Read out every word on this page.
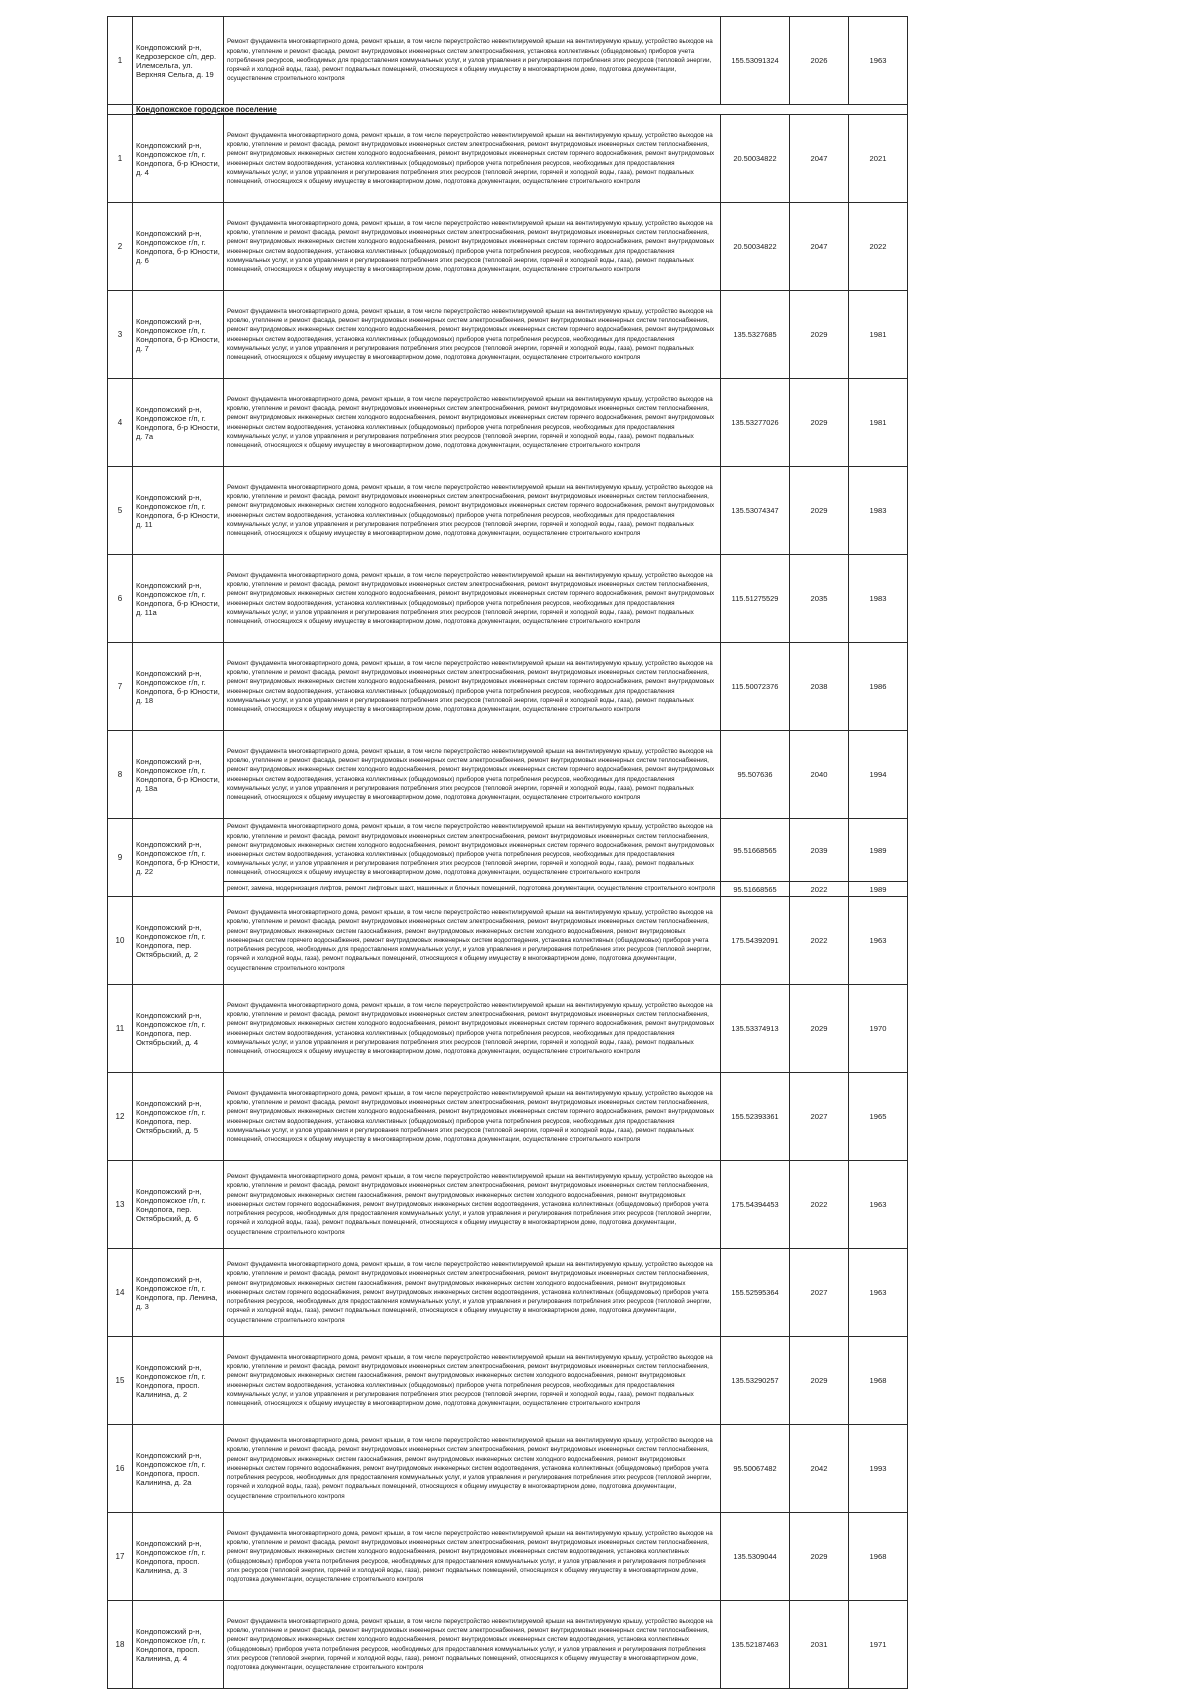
1	Кондопожский р-н, Кедрозерское с/п, дер. Илемсельга, ул. Верхняя Сельга, д. 19	Ремонт фундамента многоквартирного дома, ремонт крыши, в том числе переустройство невентилируемой крыши на вентилируемую крышу, устройство выходов на кровлю, утепление и ремонт фасада, ремонт внутридомовых инженерных систем электроснабжения, установка коллективных (общедомовых) приборов учета потребления ресурсов, необходимых для предоставления коммунальных услуг, и узлов управления и регулирования потребления этих ресурсов (тепловой энергии, горячей и холодной воды, газа), ремонт подвальных помещений, относящихся к общему имуществу в многоквартирном доме, подготовка документации, осуществление строительного контроля	155.53091324	2026	1963
	Кондопожское городское поселение				
1	Кондопожский р-н, Кондопожское г/п, г. Кондопога, б-р Юности, д. 4	Ремонт фундамента многоквартирного дома, ремонт крыши, в том числе переустройство невентилируемой крыши на вентилируемую крышу, устройство выходов на кровлю, утепление и ремонт фасада, ремонт внутридомовых инженерных систем электроснабжения, ремонт внутридомовых инженерных систем теплоснабжения, ремонт внутридомовых инженерных систем холодного водоснабжения, ремонт внутридомовых инженерных систем горячего водоснабжения, ремонт внутридомовых инженерных систем водоотведения, установка коллективных (общедомовых) приборов учета потребления ресурсов, необходимых для предоставления коммунальных услуг, и узлов управления и регулирования потребления этих ресурсов (тепловой энергии, горячей и холодной воды, газа), ремонт подвальных помещений, относящихся к общему имуществу в многоквартирном доме, подготовка документации, осуществление строительного контроля	20.50034822	2047	2021
2	Кондопожский р-н, Кондопожское г/п, г. Кондопога, б-р Юности, д. 6	Ремонт фундамента многоквартирного дома, ремонт крыши, в том числе переустройство невентилируемой крыши на вентилируемую крышу, устройство выходов на кровлю, утепление и ремонт фасада, ремонт внутридомовых инженерных систем электроснабжения, ремонт внутридомовых инженерных систем теплоснабжения, ремонт внутридомовых инженерных систем холодного водоснабжения, ремонт внутридомовых инженерных систем горячего водоснабжения, ремонт внутридомовых инженерных систем водоотведения, установка коллективных (общедомовых) приборов учета потребления ресурсов, необходимых для предоставления коммунальных услуг, и узлов управления и регулирования потребления этих ресурсов (тепловой энергии, горячей и холодной воды, газа), ремонт подвальных помещений, относящихся к общему имуществу в многоквартирном доме, подготовка документации, осуществление строительного контроля	20.50034822	2047	2022
3	Кондопожский р-н, Кондопожское г/п, г. Кондопога, б-р Юности, д. 7	Ремонт фундамента многоквартирного дома, ремонт крыши, в том числе переустройство невентилируемой крыши на вентилируемую крышу, устройство выходов на кровлю, утепление и ремонт фасада, ремонт внутридомовых инженерных систем электроснабжения, ремонт внутридомовых инженерных систем теплоснабжения, ремонт внутридомовых инженерных систем холодного водоснабжения, ремонт внутридомовых инженерных систем горячего водоснабжения, ремонт внутридомовых инженерных систем водоотведения, установка коллективных (общедомовых) приборов учета потребления ресурсов, необходимых для предоставления коммунальных услуг, и узлов управления и регулирования потребления этих ресурсов (тепловой энергии, горячей и холодной воды, газа), ремонт подвальных помещений, относящихся к общему имуществу в многоквартирном доме, подготовка документации, осуществление строительного контроля	135.5327685	2029	1981
4	Кондопожский р-н, Кондопожское г/п, г. Кондопога, б-р Юности, д. 7а	Ремонт фундамента многоквартирного дома, ремонт крыши, в том числе переустройство невентилируемой крыши на вентилируемую крышу, устройство выходов на кровлю, утепление и ремонт фасада, ремонт внутридомовых инженерных систем электроснабжения, ремонт внутридомовых инженерных систем теплоснабжения, ремонт внутридомовых инженерных систем холодного водоснабжения, ремонт внутридомовых инженерных систем горячего водоснабжения, ремонт внутридомовых инженерных систем водоотведения, установка коллективных (общедомовых) приборов учета потребления ресурсов, необходимых для предоставления коммунальных услуг, и узлов управления и регулирования потребления этих ресурсов (тепловой энергии, горячей и холодной воды, газа), ремонт подвальных помещений, относящихся к общему имуществу в многоквартирном доме, подготовка документации, осуществление строительного контроля	135.53277026	2029	1981
5	Кондопожский р-н, Кондопожское г/п, г. Кондопога, б-р Юности, д. 11	Ремонт фундамента многоквартирного дома, ремонт крыши, в том числе переустройство невентилируемой крыши на вентилируемую крышу, устройство выходов на кровлю, утепление и ремонт фасада, ремонт внутридомовых инженерных систем электроснабжения, ремонт внутридомовых инженерных систем теплоснабжения, ремонт внутридомовых инженерных систем холодного водоснабжения, ремонт внутридомовых инженерных систем горячего водоснабжения, ремонт внутридомовых инженерных систем водоотведения, установка коллективных (общедомовых) приборов учета потребления ресурсов, необходимых для предоставления коммунальных услуг, и узлов управления и регулирования потребления этих ресурсов (тепловой энергии, горячей и холодной воды, газа), ремонт подвальных помещений, относящихся к общему имуществу в многоквартирном доме, подготовка документации, осуществление строительного контроля	135.53074347	2029	1983
6	Кондопожский р-н, Кондопожское г/п, г. Кондопога, б-р Юности, д. 11а	Ремонт фундамента многоквартирного дома, ремонт крыши, в том числе переустройство невентилируемой крыши на вентилируемую крышу, устройство выходов на кровлю, утепление и ремонт фасада, ремонт внутридомовых инженерных систем электроснабжения, ремонт внутридомовых инженерных систем теплоснабжения, ремонт внутридомовых инженерных систем холодного водоснабжения, ремонт внутридомовых инженерных систем горячего водоснабжения, ремонт внутридомовых инженерных систем водоотведения, установка коллективных (общедомовых) приборов учета потребления ресурсов, необходимых для предоставления коммунальных услуг, и узлов управления и регулирования потребления этих ресурсов (тепловой энергии, горячей и холодной воды, газа), ремонт подвальных помещений, относящихся к общему имуществу в многоквартирном доме, подготовка документации, осуществление строительного контроля	115.51275529	2035	1983
7	Кондопожский р-н, Кондопожское г/п, г. Кондопога, б-р Юности, д. 18	Ремонт фундамента многоквартирного дома, ремонт крыши, в том числе переустройство невентилируемой крыши на вентилируемую крышу, устройство выходов на кровлю, утепление и ремонт фасада, ремонт внутридомовых инженерных систем электроснабжения, ремонт внутридомовых инженерных систем теплоснабжения, ремонт внутридомовых инженерных систем холодного водоснабжения, ремонт внутридомовых инженерных систем горячего водоснабжения, ремонт внутридомовых инженерных систем водоотведения, установка коллективных (общедомовых) приборов учета потребления ресурсов, необходимых для предоставления коммунальных услуг, и узлов управления и регулирования потребления этих ресурсов (тепловой энергии, горячей и холодной воды, газа), ремонт подвальных помещений, относящихся к общему имуществу в многоквартирном доме, подготовка документации, осуществление строительного контроля	115.50072376	2038	1986
8	Кондопожский р-н, Кондопожское г/п, г. Кондопога, б-р Юности, д. 18а	Ремонт фундамента многоквартирного дома, ремонт крыши, в том числе переустройство невентилируемой крыши на вентилируемую крышу, устройство выходов на кровлю, утепление и ремонт фасада, ремонт внутридомовых инженерных систем электроснабжения, ремонт внутридомовых инженерных систем теплоснабжения, ремонт внутридомовых инженерных систем холодного водоснабжения, ремонт внутридомовых инженерных систем горячего водоснабжения, ремонт внутридомовых инженерных систем водоотведения, установка коллективных (общедомовых) приборов учета потребления ресурсов, необходимых для предоставления коммунальных услуг, и узлов управления и регулирования потребления этих ресурсов (тепловой энергии, горячей и холодной воды, газа), ремонт подвальных помещений, относящихся к общему имуществу в многоквартирном доме, подготовка документации, осуществление строительного контроля	95.507636	2040	1994
9	Кондопожский р-н, Кондопожское г/п, г. Кондопога, б-р Юности, д. 22	Ремонт фундамента многоквартирного дома, ремонт крыши, в том числе переустройство невентилируемой крыши на вентилируемую крышу, устройство выходов на кровлю, утепление и ремонт фасада, ремонт внутридомовых инженерных систем электроснабжения, ремонт внутридомовых инженерных систем теплоснабжения, ремонт внутридомовых инженерных систем холодного водоснабжения, ремонт внутридомовых инженерных систем горячего водоснабжения, ремонт внутридомовых инженерных систем водоотведения, установка коллективных (общедомовых) приборов учета потребления ресурсов, необходимых для предоставления коммунальных услуг, и узлов управления и регулирования потребления этих ресурсов (тепловой энергии, горячей и холодной воды, газа), ремонт подвальных помещений, относящихся к общему имуществу в многоквартирном доме, подготовка документации, осуществление строительного контроля	95.51668565	2039	1989
		ремонт, замена, модернизация лифтов, ремонт лифтовых шахт, машинных и блочных помещений, подготовка документации, осуществление строительного контроля	95.51668565	2022	1989
10	Кондопожский р-н, Кондопожское г/п, г. Кондопога, пер. Октябрьский, д. 2	Ремонт фундамента многоквартирного дома, ремонт крыши, в том числе переустройство невентилируемой крыши на вентилируемую крышу, устройство выходов на кровлю, утепление и ремонт фасада, ремонт внутридомовых инженерных систем электроснабжения, ремонт внутридомовых инженерных систем теплоснабжения, ремонт внутридомовых инженерных систем газоснабжения, ремонт внутридомовых инженерных систем холодного водоснабжения, ремонт внутридомовых инженерных систем горячего водоснабжения, ремонт внутридомовых инженерных систем водоотведения, установка коллективных (общедомовых) приборов учета потребления ресурсов, необходимых для предоставления коммунальных услуг, и узлов управления и регулирования потребления этих ресурсов (тепловой энергии, горячей и холодной воды, газа), ремонт подвальных помещений, относящихся к общему имуществу в многоквартирном доме, подготовка документации, осуществление строительного контроля	175.54392091	2022	1963
11	Кондопожский р-н, Кондопожское г/п, г. Кондопога, пер. Октябрьский, д. 4	Ремонт фундамента многоквартирного дома, ремонт крыши, в том числе переустройство невентилируемой крыши на вентилируемую крышу, устройство выходов на кровлю, утепление и ремонт фасада, ремонт внутридомовых инженерных систем электроснабжения, ремонт внутридомовых инженерных систем теплоснабжения, ремонт внутридомовых инженерных систем холодного водоснабжения, ремонт внутридомовых инженерных систем горячего водоснабжения, ремонт внутридомовых инженерных систем водоотведения, установка коллективных (общедомовых) приборов учета потребления ресурсов, необходимых для предоставления коммунальных услуг, и узлов управления и регулирования потребления этих ресурсов (тепловой энергии, горячей и холодной воды, газа), ремонт подвальных помещений, относящихся к общему имуществу в многоквартирном доме, подготовка документации, осуществление строительного контроля	135.53374913	2029	1970
12	Кондопожский р-н, Кондопожское г/п, г. Кондопога, пер. Октябрьский, д. 5	Ремонт фундамента многоквартирного дома, ремонт крыши, в том числе переустройство невентилируемой крыши на вентилируемую крышу, устройство выходов на кровлю, утепление и ремонт фасада, ремонт внутридомовых инженерных систем электроснабжения, ремонт внутридомовых инженерных систем теплоснабжения, ремонт внутридомовых инженерных систем холодного водоснабжения, ремонт внутридомовых инженерных систем горячего водоснабжения, ремонт внутридомовых инженерных систем водоотведения, установка коллективных (общедомовых) приборов учета потребления ресурсов, необходимых для предоставления коммунальных услуг, и узлов управления и регулирования потребления этих ресурсов (тепловой энергии, горячей и холодной воды, газа), ремонт подвальных помещений, относящихся к общему имуществу в многоквартирном доме, подготовка документации, осуществление строительного контроля	155.52393361	2027	1965
13	Кондопожский р-н, Кондопожское г/п, г. Кондопога, пер. Октябрьский, д. 6	Ремонт фундамента многоквартирного дома, ремонт крыши, в том числе переустройство невентилируемой крыши на вентилируемую крышу, устройство выходов на кровлю, утепление и ремонт фасада, ремонт внутридомовых инженерных систем электроснабжения, ремонт внутридомовых инженерных систем теплоснабжения, ремонт внутридомовых инженерных систем газоснабжения, ремонт внутридомовых инженерных систем холодного водоснабжения, ремонт внутридомовых инженерных систем горячего водоснабжения, ремонт внутридомовых инженерных систем водоотведения, установка коллективных (общедомовых) приборов учета потребления ресурсов, необходимых для предоставления коммунальных услуг, и узлов управления и регулирования потребления этих ресурсов (тепловой энергии, горячей и холодной воды, газа), ремонт подвальных помещений, относящихся к общему имуществу в многоквартирном доме, подготовка документации, осуществление строительного контроля	175.54394453	2022	1963
14	Кондопожский р-н, Кондопожское г/п, г. Кондопога, пр. Ленина, д. 3	Ремонт фундамента многоквартирного дома, ремонт крыши, в том числе переустройство невентилируемой крыши на вентилируемую крышу, устройство выходов на кровлю, утепление и ремонт фасада, ремонт внутридомовых инженерных систем электроснабжения, ремонт внутридомовых инженерных систем теплоснабжения, ремонт внутридомовых инженерных систем газоснабжения, ремонт внутридомовых инженерных систем холодного водоснабжения, ремонт внутридомовых инженерных систем горячего водоснабжения, ремонт внутридомовых инженерных систем водоотведения, установка коллективных (общедомовых) приборов учета потребления ресурсов, необходимых для предоставления коммунальных услуг, и узлов управления и регулирования потребления этих ресурсов (тепловой энергии, горячей и холодной воды, газа), ремонт подвальных помещений, относящихся к общему имуществу в многоквартирном доме, подготовка документации, осуществление строительного контроля	155.52595364	2027	1963
15	Кондопожский р-н, Кондопожское г/п, г. Кондопога, просп. Калинина, д. 2	Ремонт фундамента многоквартирного дома, ремонт крыши, в том числе переустройство невентилируемой крыши на вентилируемую крышу, устройство выходов на кровлю, утепление и ремонт фасада, ремонт внутридомовых инженерных систем электроснабжения, ремонт внутридомовых инженерных систем теплоснабжения, ремонт внутридомовых инженерных систем газоснабжения, ремонт внутридомовых инженерных систем холодного водоснабжения, ремонт внутридомовых инженерных систем водоотведения, установка коллективных (общедомовых) приборов учета потребления ресурсов, необходимых для предоставления коммунальных услуг, и узлов управления и регулирования потребления этих ресурсов (тепловой энергии, горячей и холодной воды, газа), ремонт подвальных помещений, относящихся к общему имуществу в многоквартирном доме, подготовка документации, осуществление строительного контроля	135.53290257	2029	1968
16	Кондопожский р-н, Кондопожское г/п, г. Кондопога, просп. Калинина, д. 2а	Ремонт фундамента многоквартирного дома, ремонт крыши, в том числе переустройство невентилируемой крыши на вентилируемую крышу, устройство выходов на кровлю, утепление и ремонт фасада, ремонт внутридомовых инженерных систем электроснабжения, ремонт внутридомовых инженерных систем теплоснабжения, ремонт внутридомовых инженерных систем газоснабжения, ремонт внутридомовых инженерных систем холодного водоснабжения, ремонт внутридомовых инженерных систем горячего водоснабжения, ремонт внутридомовых инженерных систем водоотведения, установка коллективных (общедомовых) приборов учета потребления ресурсов, необходимых для предоставления коммунальных услуг, и узлов управления и регулирования потребления этих ресурсов (тепловой энергии, горячей и холодной воды, газа), ремонт подвальных помещений, относящихся к общему имуществу в многоквартирном доме, подготовка документации, осуществление строительного контроля	95.50067482	2042	1993
17	Кондопожский р-н, Кондопожское г/п, г. Кондопога, просп. Калинина, д. 3	Ремонт фундамента многоквартирного дома, ремонт крыши, в том числе переустройство невентилируемой крыши на вентилируемую крышу, устройство выходов на кровлю, утепление и ремонт фасада, ремонт внутридомовых инженерных систем электроснабжения, ремонт внутридомовых инженерных систем теплоснабжения, ремонт внутридомовых инженерных систем холодного водоснабжения, ремонт внутридомовых инженерных систем водоотведения, установка коллективных (общедомовых) приборов учета потребления ресурсов, необходимых для предоставления коммунальных услуг, и узлов управления и регулирования потребления этих ресурсов (тепловой энергии, горячей и холодной воды, газа), ремонт подвальных помещений, относящихся к общему имуществу в многоквартирном доме, подготовка документации, осуществление строительного контроля	135.5309044	2029	1968
18	Кондопожский р-н, Кондопожское г/п, г. Кондопога, просп. Калинина, д. 4	Ремонт фундамента многоквартирного дома, ремонт крыши, в том числе переустройство невентилируемой крыши на вентилируемую крышу, устройство выходов на кровлю, утепление и ремонт фасада, ремонт внутридомовых инженерных систем электроснабжения, ремонт внутридомовых инженерных систем теплоснабжения, ремонт внутридомовых инженерных систем холодного водоснабжения, ремонт внутридомовых инженерных систем водоотведения, установка коллективных (общедомовых) приборов учета потребления ресурсов, необходимых для предоставления коммунальных услуг, и узлов управления и регулирования потребления этих ресурсов (тепловой энергии, горячей и холодной воды, газа), ремонт подвальных помещений, относящихся к общему имуществу в многоквартирном доме, подготовка документации, осуществление строительного контроля	135.52187463	2031	1971
